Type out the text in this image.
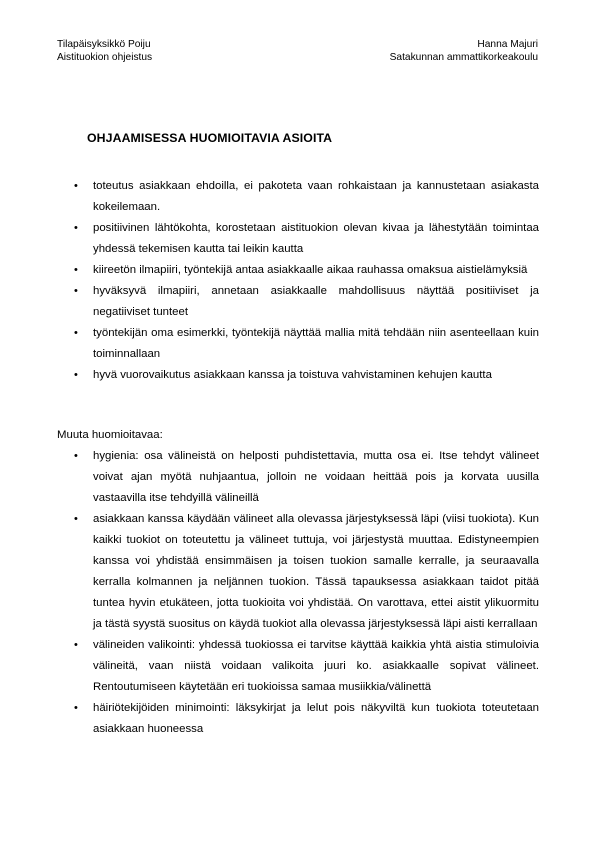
Tilapäisyksikkö Poiju
Aistituokion ohjeistus
Hanna Majuri
Satakunnan ammattikorkeakoulu
OHJAAMISESSA HUOMIOITAVIA ASIOITA
•	toteutus asiakkaan ehdoilla, ei pakoteta vaan rohkaistaan ja kannustetaan asiakasta kokeilemaan.
•	positiivinen lähtökohta, korostetaan aistituokion olevan kivaa ja lähestytään toimintaa yhdessä tekemisen kautta tai leikin kautta
•	kiireetön ilmapiiri, työntekijä antaa asiakkaalle aikaa rauhassa omaksua aistielämyksiä
•	hyväksyvä ilmapiiri, annetaan asiakkaalle mahdollisuus näyttää positiiviset ja negatiiviset tunteet
•	työntekijän oma esimerkki, työntekijä näyttää mallia mitä tehdään niin asenteellaan kuin toiminnallaan
•	hyvä vuorovaikutus asiakkaan kanssa ja toistuva vahvistaminen kehujen kautta
Muuta huomioitavaa:
•	hygienia: osa välineistä on helposti puhdistettavia, mutta osa ei. Itse tehdyt välineet voivat ajan myötä nuhjaantua, jolloin ne voidaan heittää pois ja korvata uusilla vastaavilla itse tehdyillä välineillä
•	asiakkaan kanssa käydään välineet alla olevassa järjestyksessä läpi (viisi tuokiota). Kun kaikki tuokiot on toteutettu ja välineet tuttuja, voi järjestystä muuttaa. Edistyneempien kanssa voi yhdistää ensimmäisen ja toisen tuokion samalle kerralle, ja seuraavalla kerralla kolmannen ja neljännen tuokion. Tässä tapauksessa asiakkaan taidot pitää tuntea hyvin etukäteen, jotta tuokioita voi yhdistää. On varottava, ettei aistit ylikuormitu ja tästä syystä suositus on käydä tuokiot alla olevassa järjestyksessä läpi aisti kerrallaan
•	välineiden valikointi: yhdessä tuokiossa ei tarvitse käyttää kaikkia yhtä aistia stimuloivia välineitä, vaan niistä voidaan valikoita juuri ko. asiakkaalle sopivat välineet. Rentoutumiseen käytetään eri tuokioissa samaa musiikkia/välinettä
•	häiriötekijöiden minimointi: läksykirjat ja lelut pois näkyviltä kun tuokiota toteutetaan asiakkaan huoneessa
